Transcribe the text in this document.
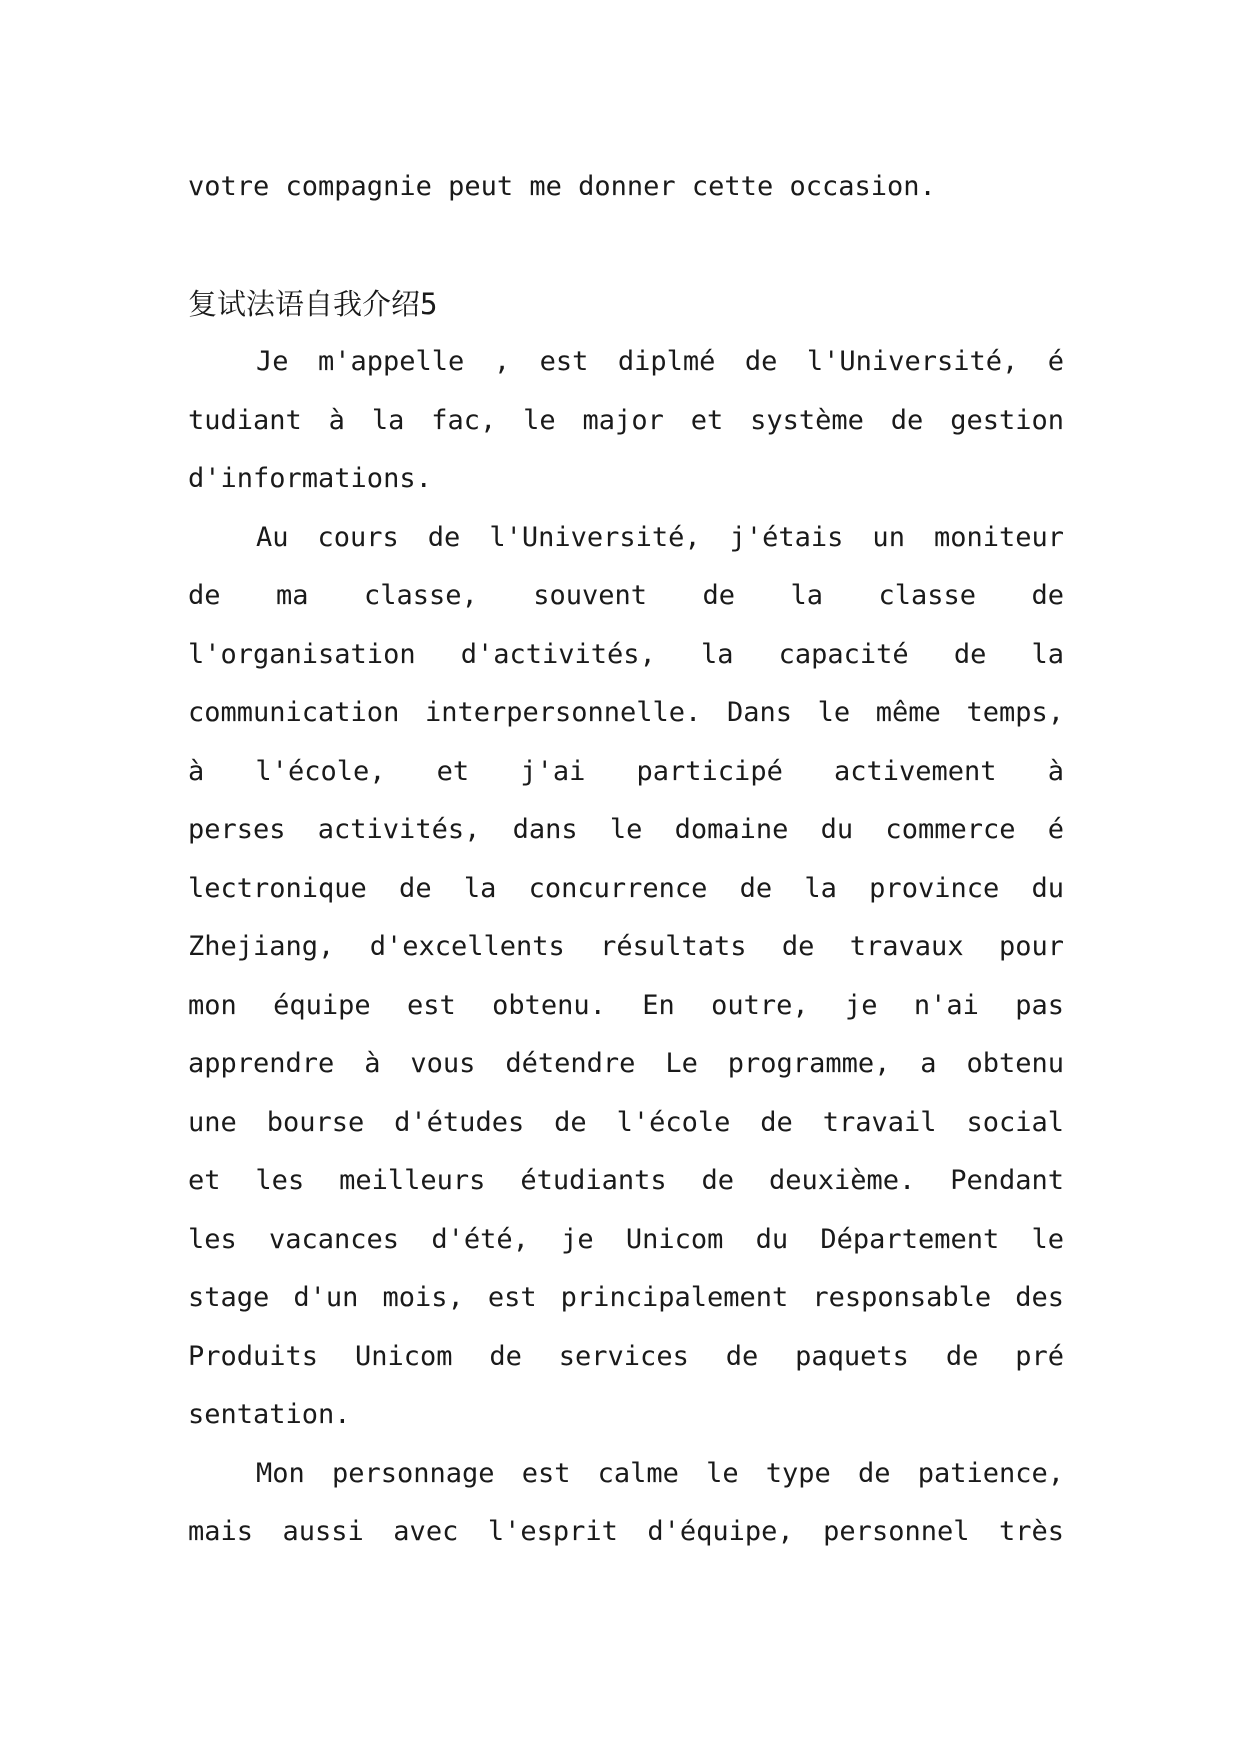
votre compagnie peut me donner cette occasion.
复试法语自我介绍5
Je m'appelle , est diplmé de l'Université, é
tudiant à la fac, le major et système de gestion
d'informations.
Au cours de l'Université, j'étais un moniteur
de ma classe, souvent de la classe de
l'organisation d'activités, la capacité de la
communication interpersonnelle. Dans le même temps,
à l'école, et j'ai participé activement à
perses activités, dans le domaine du commerce é
lectronique de la concurrence de la province du
Zhejiang, d'excellents résultats de travaux pour
mon équipe est obtenu. En outre, je n'ai pas
apprendre à vous détendre Le programme, a obtenu
une bourse d'études de l'école de travail social
et les meilleurs étudiants de deuxième. Pendant
les vacances d'été, je Unicom du Département le
stage d'un mois, est principalement responsable des
Produits Unicom de services de paquets de pré
sentation.
Mon personnage est calme le type de patience,
mais aussi avec l'esprit d'équipe, personnel très
